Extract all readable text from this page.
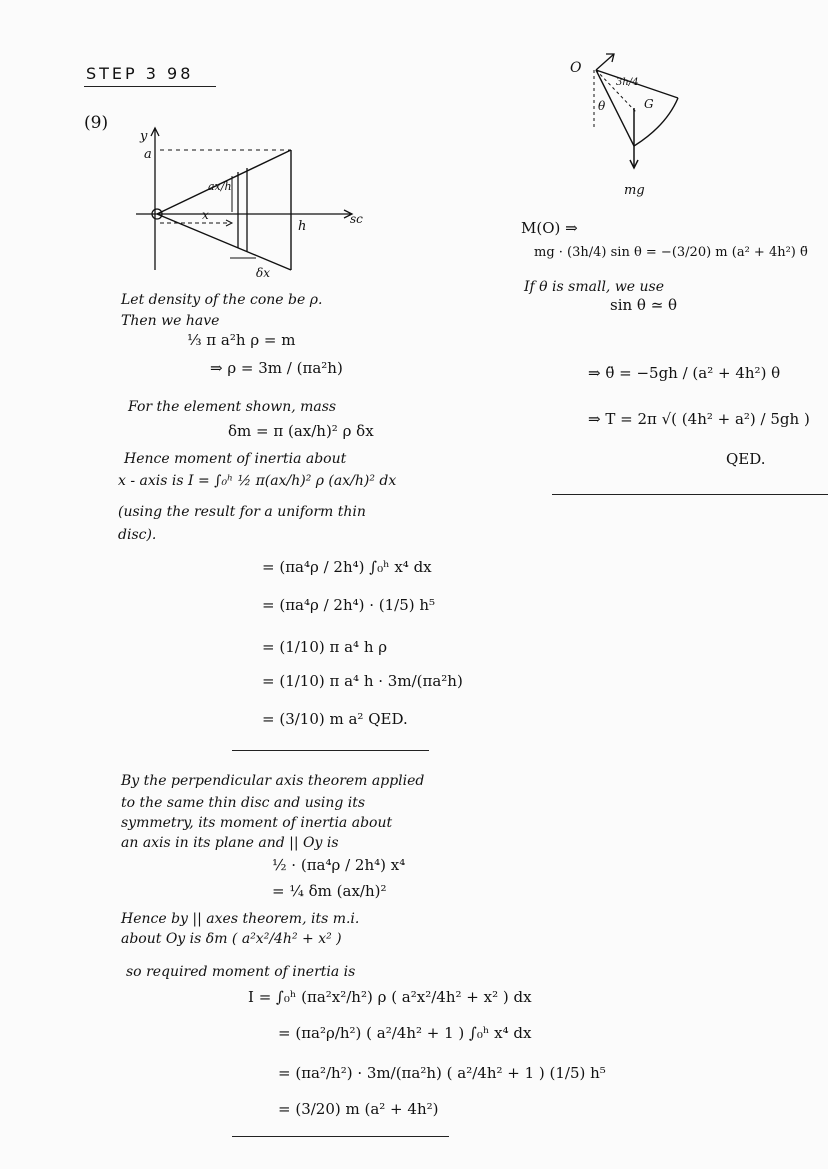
STEP 3 98
(9)
y
a
ax/h
x
h	sc
δx
Let density of the cone be ρ.
Then we have
⅓ π a²h ρ = m
⇒ ρ = 3m / (πa²h)
For the element shown, mass
δm = π (ax/h)² ρ δx
Hence moment of inertia about
x - axis is I = ∫₀ʰ ½ π(ax/h)² ρ (ax/h)² dx
(using the result for a uniform thin
disc).
= (πa⁴ρ / 2h⁴) ∫₀ʰ x⁴ dx
= (πa⁴ρ / 2h⁴) · (1/5) h⁵
= (1/10) π a⁴ h ρ
= (1/10) π a⁴ h · 3m/(πa²h)
= (3/10) m a² QED.
By the perpendicular axis theorem applied
to the same thin disc and using its
symmetry, its moment of inertia about
an axis in its plane and || Oy is
½ · (πa⁴ρ / 2h⁴) x⁴
= ¼ δm (ax/h)²
Hence by || axes theorem, its m.i.
about Oy is δm ( a²x²/4h² + x² )
so required moment of inertia is
I = ∫₀ʰ (πa²x²/h²) ρ ( a²x²/4h² + x² ) dx
= (πa²ρ/h²) ( a²/4h² + 1 ) ∫₀ʰ x⁴ dx
= (πa²/h²) · 3m/(πa²h) ( a²/4h² + 1 ) (1/5) h⁵
= (3/20) m (a² + 4h²)
O
θ
3h/4
G
mg
M(O) ⇒
mg · (3h/4) sin θ = −(3/20) m (a² + 4h²) θ̈
If θ is small, we use
sin θ ≃ θ
⇒ θ̈ = −5gh / (a² + 4h²) θ
⇒ T = 2π √( (4h² + a²) / 5gh )
QED.
